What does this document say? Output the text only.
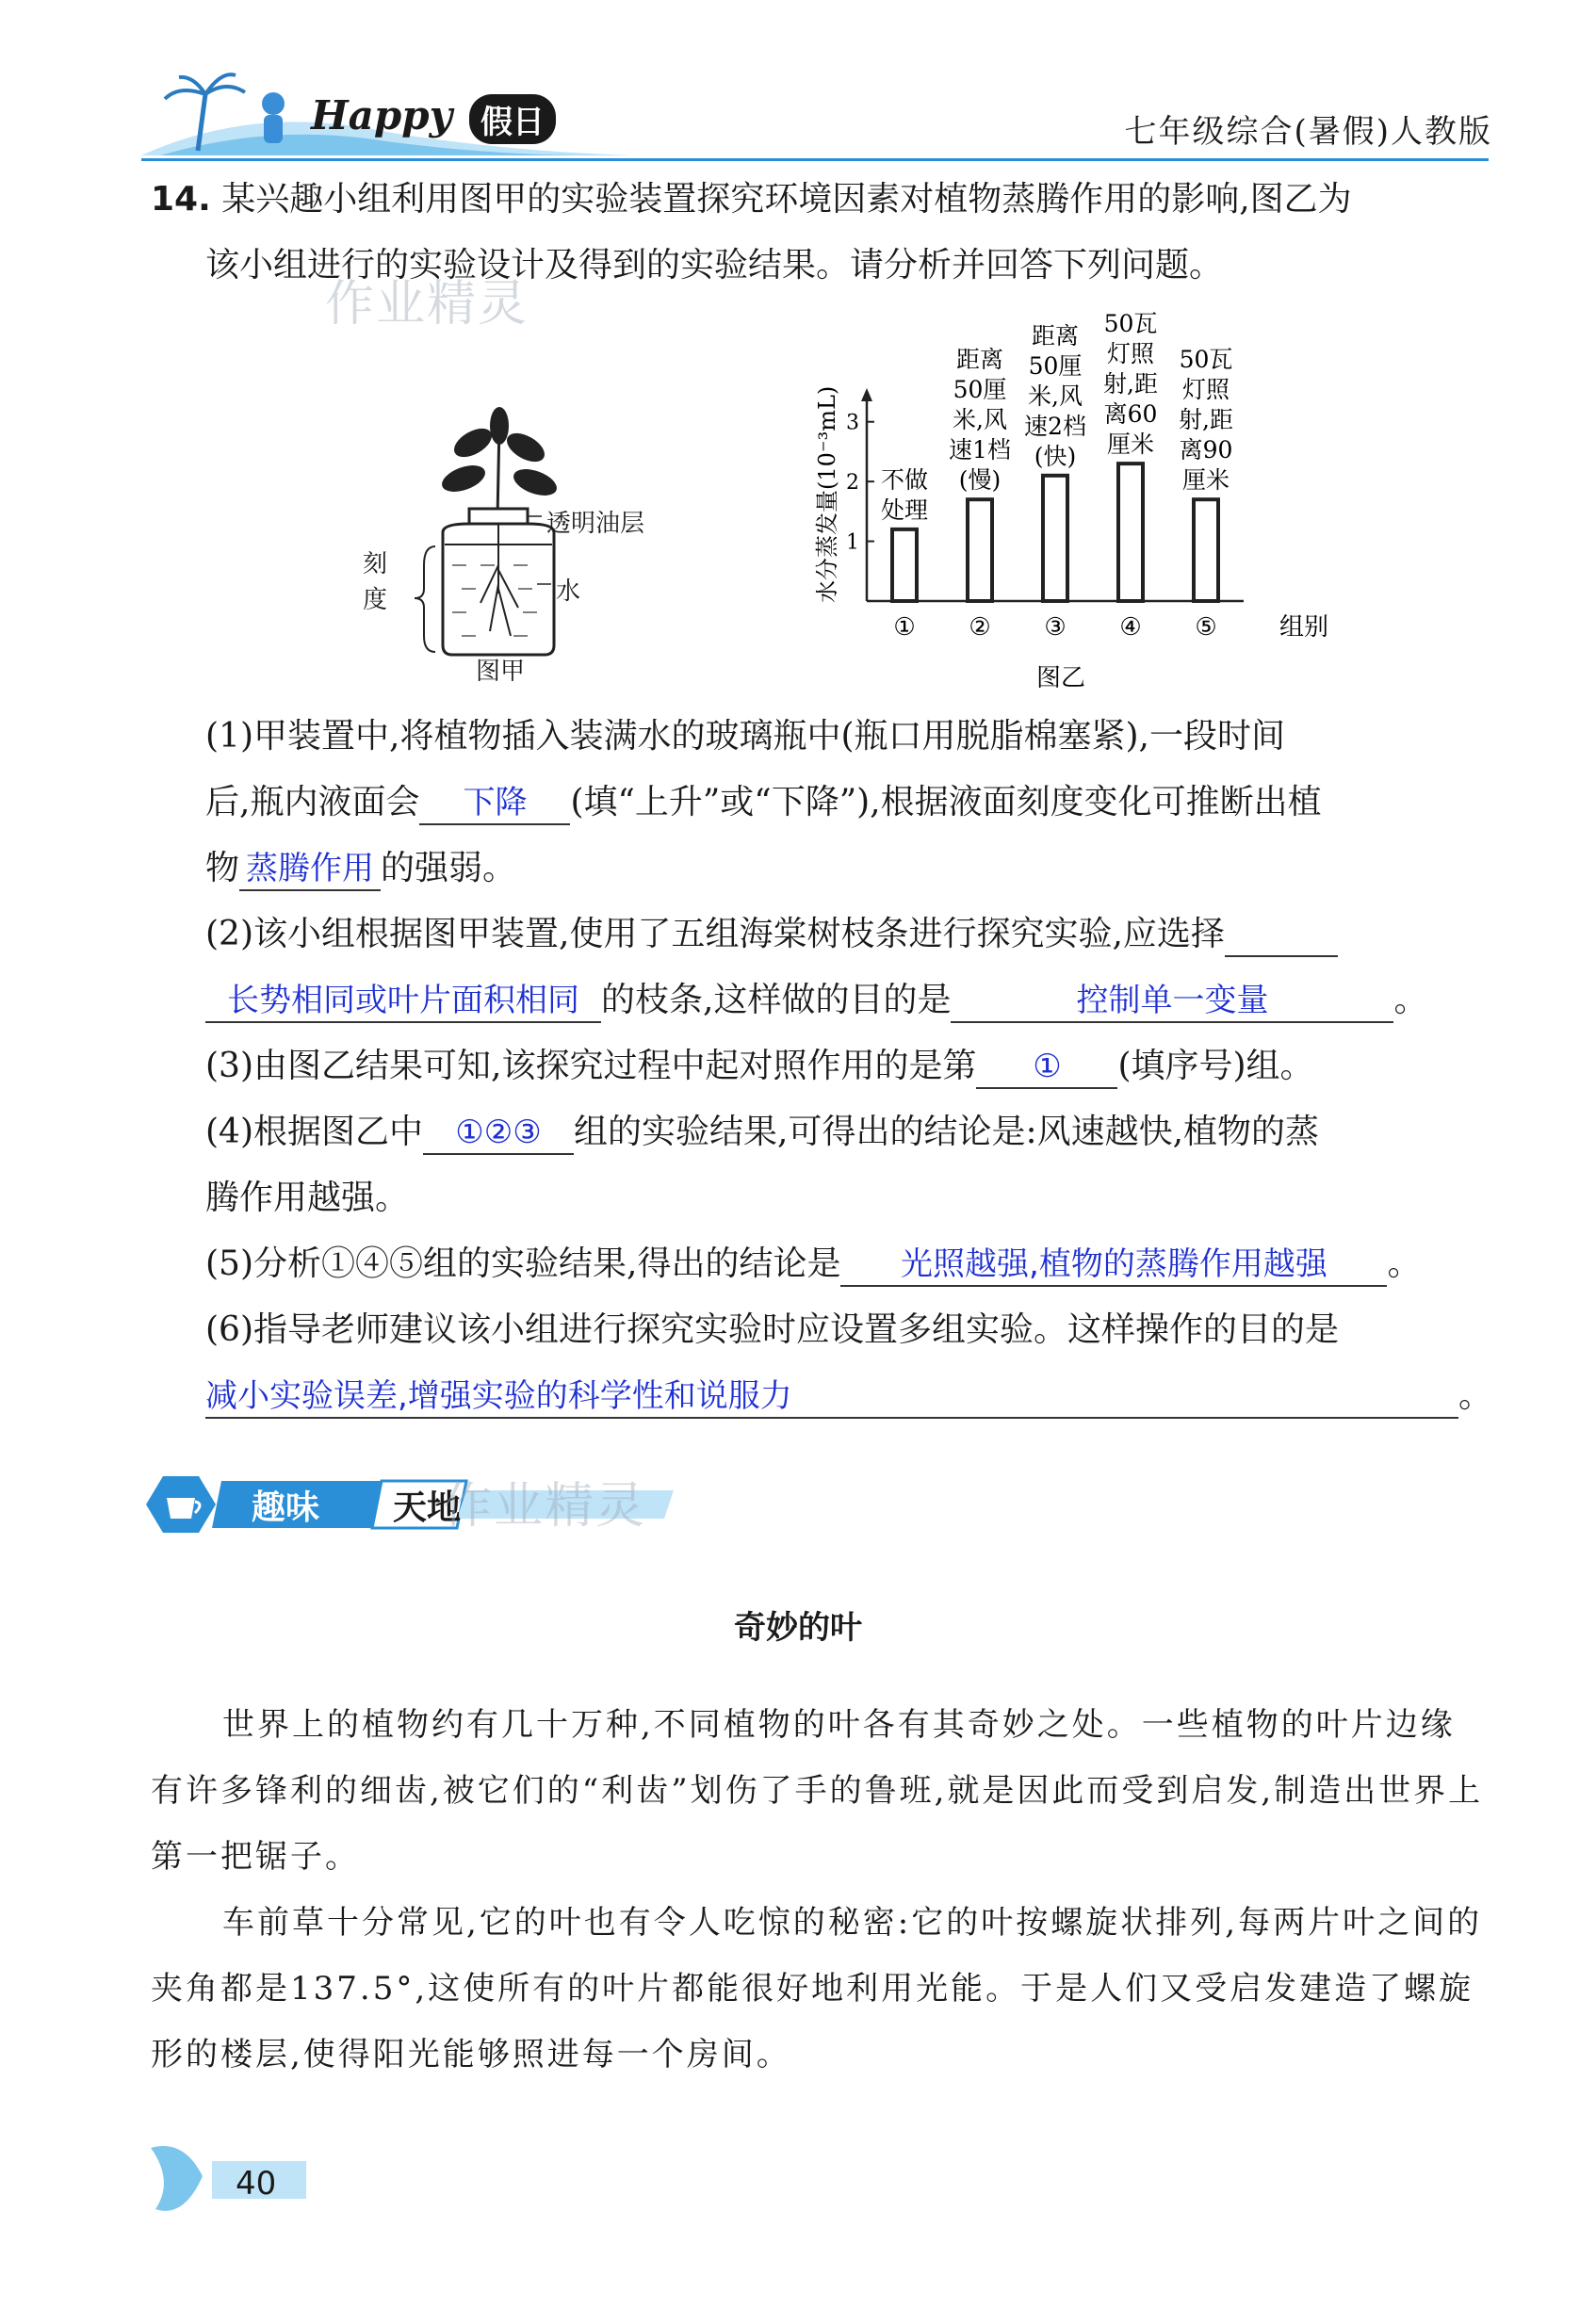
Happy 假日	七年级综合(暑假)人教版
14. 某兴趣小组利用图甲的实验装置探究环境因素对植物蒸腾作用的影响,图乙为
该小组进行的实验设计及得到的实验结果。请分析并回答下列问题。
作业精灵
透明油层
水
刻度
图甲
1
2
3
① ② ③ ④ ⑤
不做
处理
距离
50厘
米,风
速1档
(慢)
距离
50厘
米,风
速2档
(快)
50瓦
灯照
射,距
离60
厘米
50瓦
灯照
射,距
离90
厘米
组别
水分蒸发量(10⁻³mL)
图乙
(1)甲装置中,将植物插入装满水的玻璃瓶中(瓶口用脱脂棉塞紧),一段时间
后,瓶内液面会 下降 (填“上升”或“下降”),根据液面刻度变化可推断出植
物 蒸腾作用 的强弱。
(2)该小组根据图甲装置,使用了五组海棠树枝条进行探究实验,应选择
长势相同或叶片面积相同 的枝条,这样做的目的是	控制单一变量	。
(3)由图乙结果可知,该探究过程中起对照作用的是第 ① (填序号)组。
(4)根据图乙中 ①②③ 组的实验结果,可得出的结论是:风速越快,植物的蒸
腾作用越强。
(5)分析①④⑤组的实验结果,得出的结论是 光照越强,植物的蒸腾作用越强 。
(6)指导老师建议该小组进行探究实验时应设置多组实验。这样操作的目的是
减小实验误差,增强实验的科学性和说服力	。
趣味 天地
作业精灵
奇妙的叶
世界上的植物约有几十万种,不同植物的叶各有其奇妙之处。一些植物的叶片边缘有许多锋利的细齿,被它们的“利齿”划伤了手的鲁班,就是因此而受到启发,制造出世界上第一把锯子。
车前草十分常见,它的叶也有令人吃惊的秘密:它的叶按螺旋状排列,每两片叶之间的夹角都是137.5°,这使所有的叶片都能很好地利用光能。于是人们又受启发建造了螺旋形的楼层,使得阳光能够照进每一个房间。
40
